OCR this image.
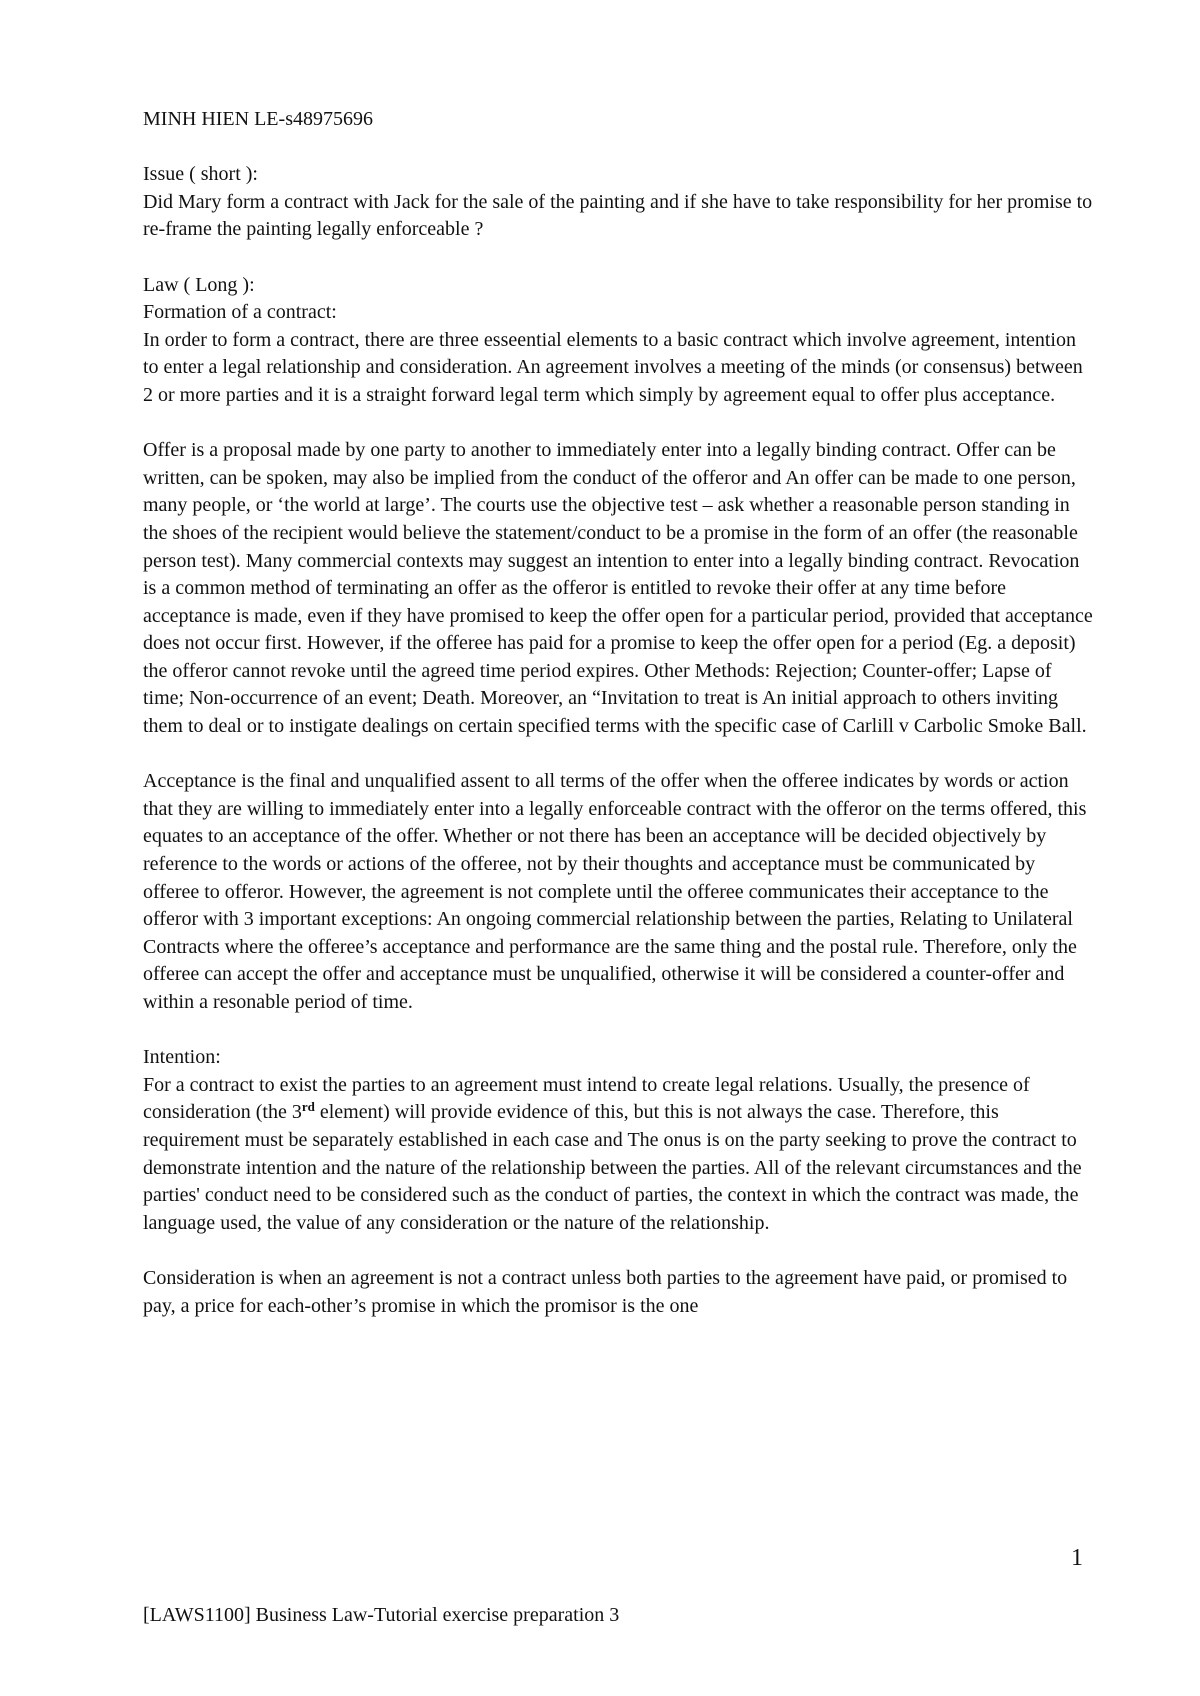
MINH HIEN LE-s48975696

Issue ( short ):

Did Mary form a contract with Jack for the sale of the painting and if she have to take responsibility for her promise to re-frame the painting legally enforceable ?

Law ( Long ):

Formation of a contract:

In order to form a contract, there are three esseential elements to a basic contract which involve agreement, intention to enter a legal relationship and consideration. An agreement involves a meeting of the minds (or consensus) between 2 or more parties and it is a straight forward legal term which simply by agreement equal to offer plus acceptance.

Offer is a proposal made by one party to another to immediately enter into a legally binding contract. Offer can be written, can be spoken, may also be implied from the conduct of the offeror and An offer can be made to one person, many people, or ‘the world at large’. The courts use the objective test – ask whether a reasonable person standing in the shoes of the recipient would believe the statement/conduct to be a promise in the form of an offer (the reasonable person test). Many commercial contexts may suggest an intention to enter into a legally binding contract. Revocation is a common method of terminating an offer as the offeror is entitled to revoke their offer at any time before acceptance is made, even if they have promised to keep the offer open for a particular period, provided that acceptance does not occur first. However, if the offeree has paid for a promise to keep the offer open for a period (Eg. a deposit) the offeror cannot revoke until the agreed time period expires. Other Methods: Rejection; Counter-offer; Lapse of time; Non-occurrence of an event; Death. Moreover, an “Invitation to treat is An initial approach to others inviting them to deal or to instigate dealings on certain specified terms with the specific case of Carlill v Carbolic Smoke Ball.

Acceptance is the final and unqualified assent to all terms of the offer when the offeree indicates by words or action that they are willing to immediately enter into a legally enforceable contract with the offeror on the terms offered, this equates to an acceptance of the offer. Whether or not there has been an acceptance will be decided objectively by reference to the words or actions of the offeree, not by their thoughts and acceptance must be communicated by offeree to offeror. However, the agreement is not complete until the offeree communicates their acceptance to the offeror with 3 important exceptions: An ongoing commercial relationship between the parties, Relating to Unilateral Contracts where the offeree’s acceptance and performance are the same thing and the postal rule. Therefore, only the offeree can accept the offer and acceptance must be unqualified, otherwise it will be considered a counter-offer and within a resonable period of time.

Intention:

For a contract to exist the parties to an agreement must intend to create legal relations. Usually, the presence of consideration (the 3rd element) will provide evidence of this, but this is not always the case. Therefore, this requirement must be separately established in each case and The onus is on the party seeking to prove the contract to demonstrate intention and the nature of the relationship between the parties. All of the relevant circumstances and the parties' conduct need to be considered such as the conduct of parties, the context in which the contract was made, the language used, the value of any consideration or the nature of the relationship.

Consideration is when an agreement is not a contract unless both parties to the agreement have paid, or promised to pay, a price for each-other’s promise in which the promisor is the one

1
[LAWS1100] Business Law-Tutorial exercise preparation 3
